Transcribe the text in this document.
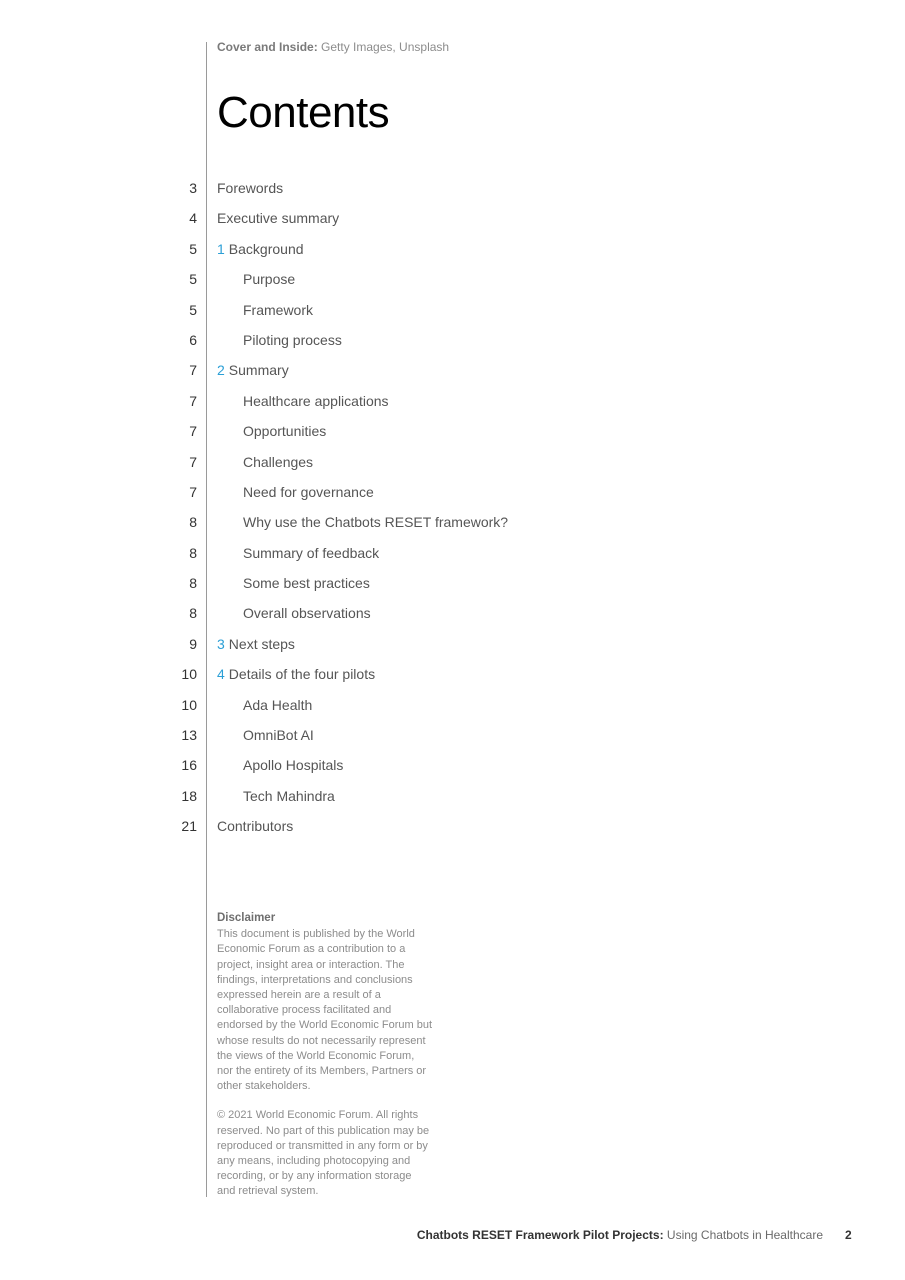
Cover and Inside: Getty Images, Unsplash
Contents
3 Forewords
4 Executive summary
5 1 Background
5	Purpose
5	Framework
6	Piloting process
7 2 Summary
7	Healthcare applications
7	Opportunities
7	Challenges
7	Need for governance
8	Why use the Chatbots RESET framework?
8	Summary of feedback
8	Some best practices
8	Overall observations
9 3 Next steps
10 4 Details of the four pilots
10	Ada Health
13	OmniBot AI
16	Apollo Hospitals
18	Tech Mahindra
21 Contributors
Disclaimer

This document is published by the World Economic Forum as a contribution to a project, insight area or interaction. The findings, interpretations and conclusions expressed herein are a result of a collaborative process facilitated and endorsed by the World Economic Forum but whose results do not necessarily represent the views of the World Economic Forum, nor the entirety of its Members, Partners or other stakeholders.

© 2021 World Economic Forum. All rights reserved. No part of this publication may be reproduced or transmitted in any form or by any means, including photocopying and recording, or by any information storage and retrieval system.

Chatbots RESET Framework Pilot Projects: Using Chatbots in Healthcare 2
